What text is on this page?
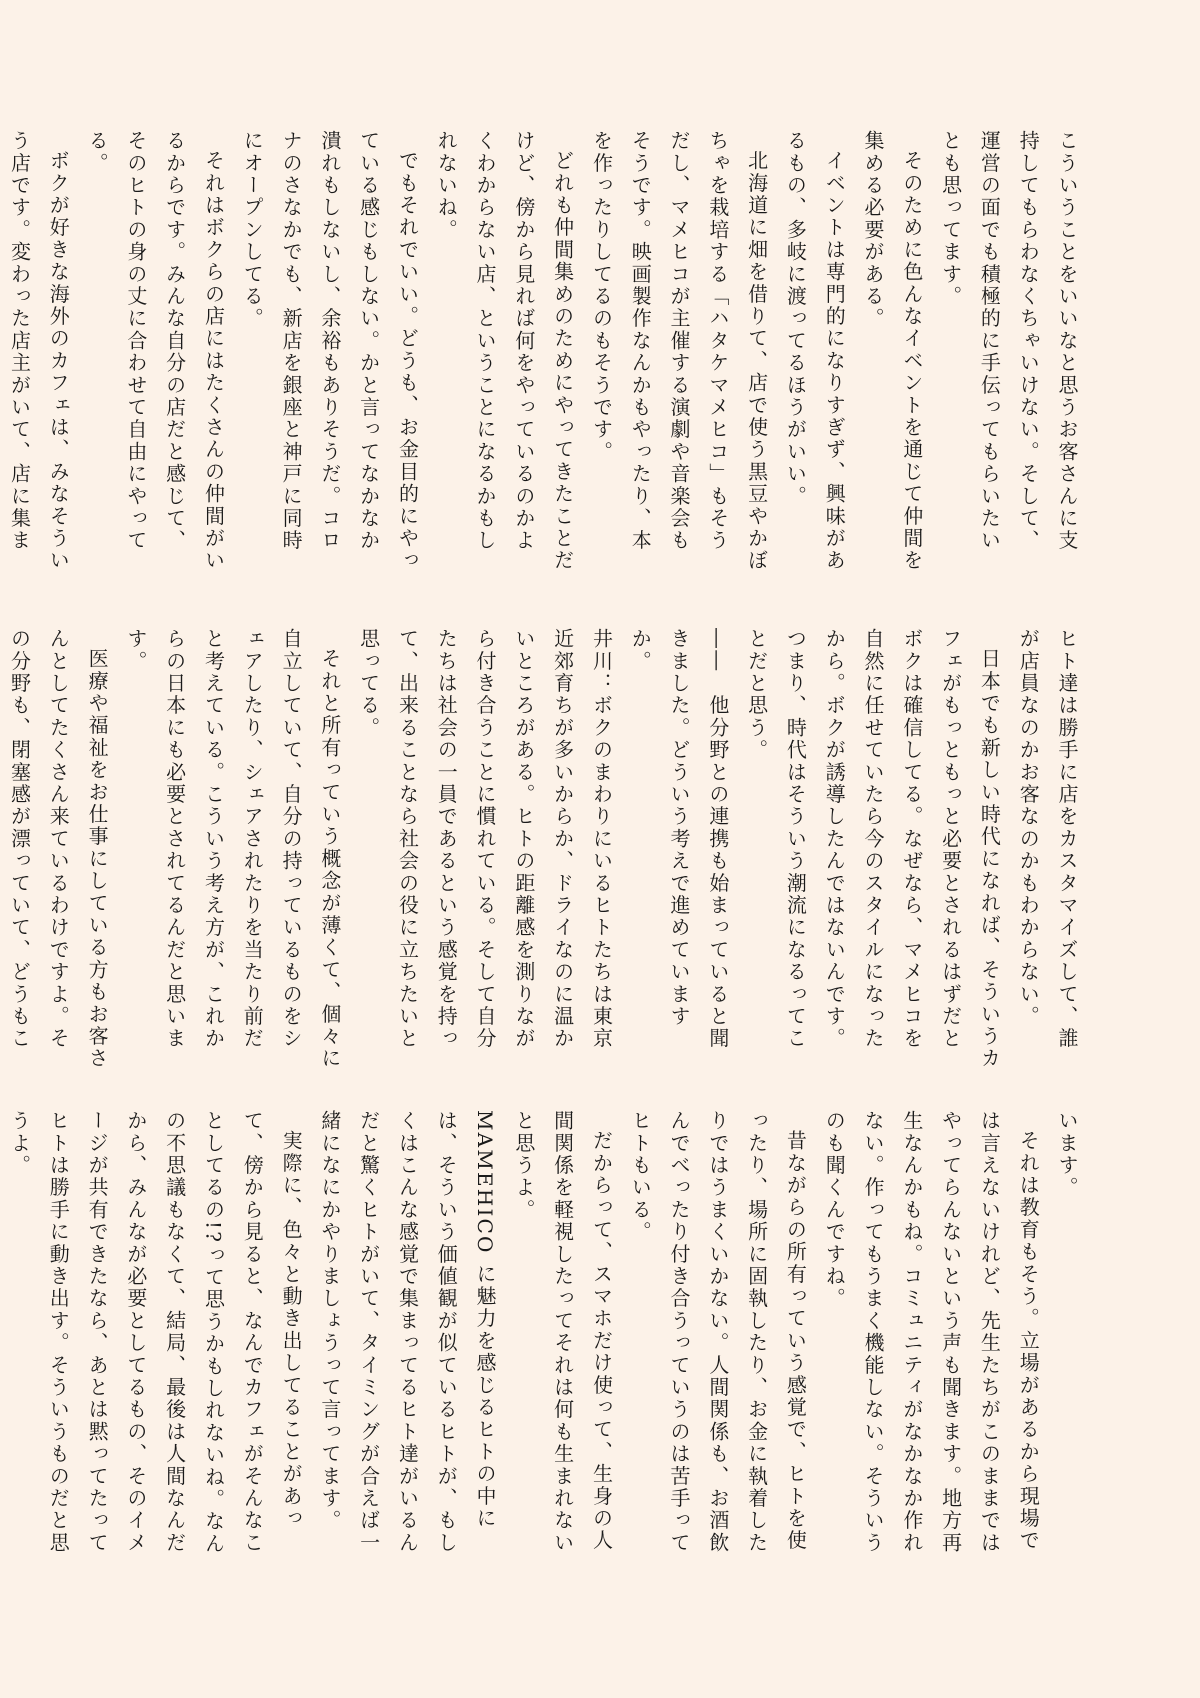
こういうことをいいなと思うお客さんに支持してもらわなくちゃいけない。そして、運営の面でも積極的に手伝ってもらいたいとも思ってます。

そのために色んなイベントを通じて仲間を集める必要がある。

イベントは専門的になりすぎず、興味があるもの、多岐に渡ってるほうがいい。

北海道に畑を借りて、店で使う黒豆やかぼちゃを栽培する「ハタケマメヒコ」もそうだし、マメヒコが主催する演劇や音楽会もそうです。映画製作なんかもやったり、本を作ったりしてるのもそうです。

どれも仲間集めのためにやってきたことだけど、傍から見れば何をやっているのかよくわからない店、ということになるかもしれないね。

でもそれでいい。どうも、お金目的にやっている感じもしない。かと言ってなかなか潰れもしないし、余裕もありそうだ。コロナのさなかでも、新店を銀座と神戸に同時にオープンしてる。

それはボクらの店にはたくさんの仲間がいるからです。みんな自分の店だと感じて、そのヒトの身の丈に合わせて自由にやってる。

ボクが好きな海外のカフェは、みなそういう店です。変わった店主がいて、店に集ま

ヒト達は勝手に店をカスタマイズして、誰が店員なのかお客なのかもわからない。

日本でも新しい時代になれば、そういうカフェがもっともっと必要とされるはずだとボクは確信してる。なぜなら、マメヒコを自然に任せていたら今のスタイルになったから。ボクが誘導したんではないんです。つまり、時代はそういう潮流になるってことだと思う。

――　他分野との連携も始まっていると聞きました。どういう考えで進めていますか。

井川：ボクのまわりにいるヒトたちは東京近郊育ちが多いからか、ドライなのに温かいところがある。ヒトの距離感を測りながら付き合うことに慣れている。そして自分たちは社会の一員であるという感覚を持って、出来ることなら社会の役に立ちたいと思ってる。

それと所有っていう概念が薄くて、個々に自立していて、自分の持っているものをシェアしたり、シェアされたりを当たり前だと考えている。こういう考え方が、これからの日本にも必要とされてるんだと思います。

医療や福祉をお仕事にしている方もお客さんとしてたくさん来ているわけですよ。その分野も、閉塞感が漂っていて、どうもこ

います。

それは教育もそう。立場があるから現場では言えないけれど、先生たちがこのままではやってらんないという声も聞きます。地方再生なんかもね。コミュニティがなかなか作れない。作ってもうまく機能しない。そういうのも聞くんですね。

昔ながらの所有っていう感覚で、ヒトを使ったり、場所に固執したり、お金に執着したりではうまくいかない。人間関係も、お酒飲んでべったり付き合うっていうのは苦手ってヒトもいる。

だからって、スマホだけ使って、生身の人間関係を軽視したってそれは何も生まれないと思うよ。

MAMEHICO に魅力を感じるヒトの中には、そういう価値観が似ているヒトが、もしくはこんな感覚で集まってるヒト達がいるんだと驚くヒトがいて、タイミングが合えば一緒になにかやりましょうって言ってます。

実際に、色々と動き出してることがあって、傍から見ると、なんでカフェがそんなことしてるの!?って思うかもしれないね。なんの不思議もなくて、結局、最後は人間なんだから、みんなが必要としてるもの、そのイメージが共有できたなら、あとは黙ってたってヒトは勝手に動き出す。そういうものだと思うよ。
